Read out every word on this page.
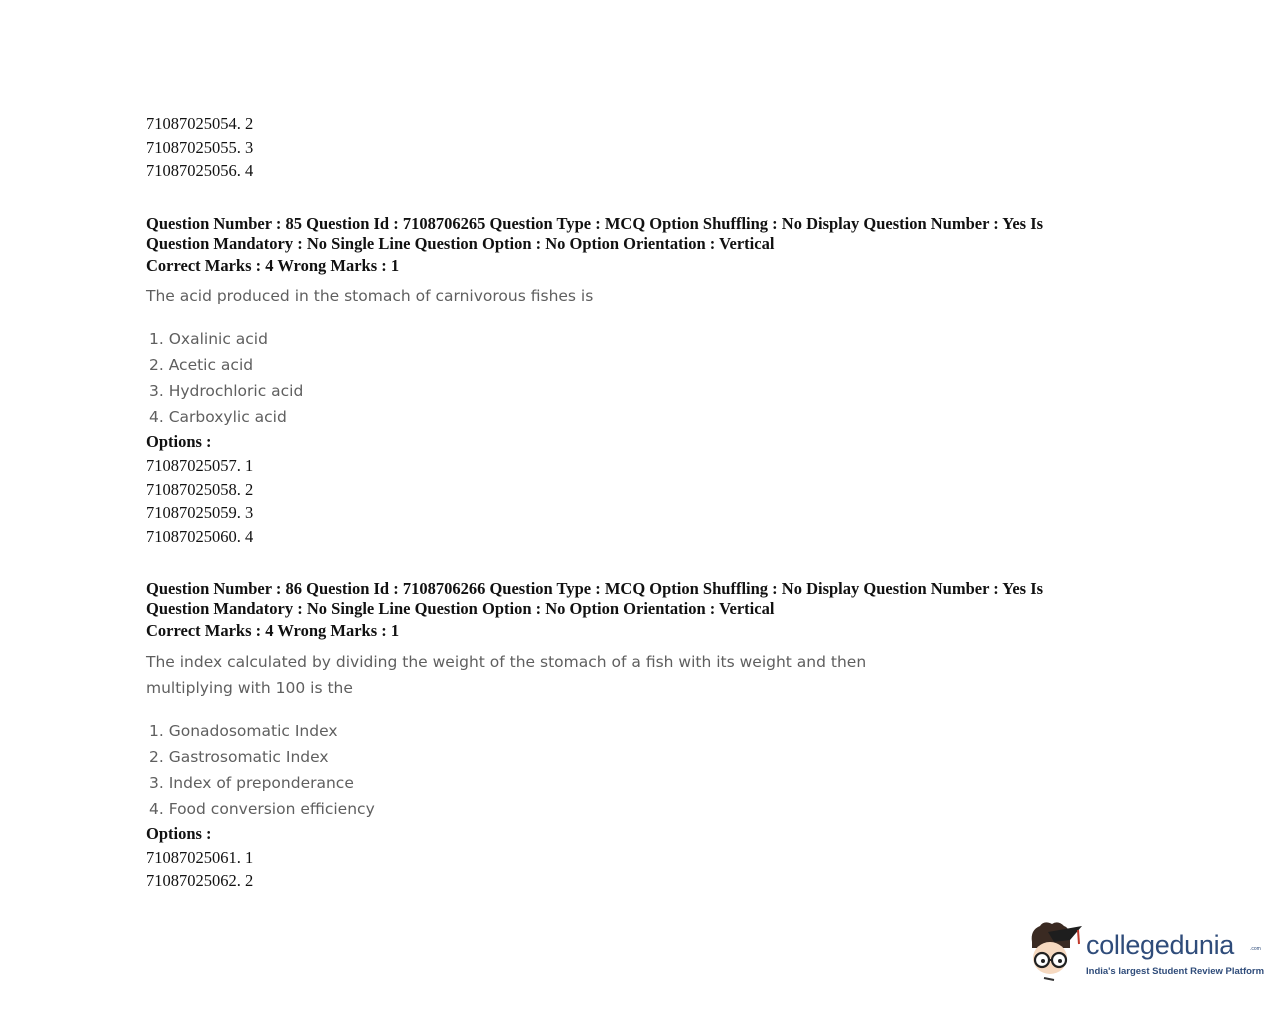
71087025054. 2
71087025055. 3
71087025056. 4
Question Number : 85 Question Id : 7108706265 Question Type : MCQ Option Shuffling : No Display Question Number : Yes Is
Question Mandatory : No Single Line Question Option : No Option Orientation : Vertical
Correct Marks : 4 Wrong Marks : 1
The acid produced in the stomach of carnivorous fishes is
1. Oxalinic acid
2. Acetic acid
3. Hydrochloric acid
4. Carboxylic acid
Options :
71087025057. 1
71087025058. 2
71087025059. 3
71087025060. 4
Question Number : 86 Question Id : 7108706266 Question Type : MCQ Option Shuffling : No Display Question Number : Yes Is
Question Mandatory : No Single Line Question Option : No Option Orientation : Vertical
Correct Marks : 4 Wrong Marks : 1
The index calculated by dividing the weight of the stomach of a fish with its weight and then
multiplying with 100 is the
1. Gonadosomatic Index
2. Gastrosomatic Index
3. Index of preponderance
4. Food conversion efficiency
Options :
71087025061. 1
71087025062. 2
collegedunia	.com
India's largest Student Review Platform
